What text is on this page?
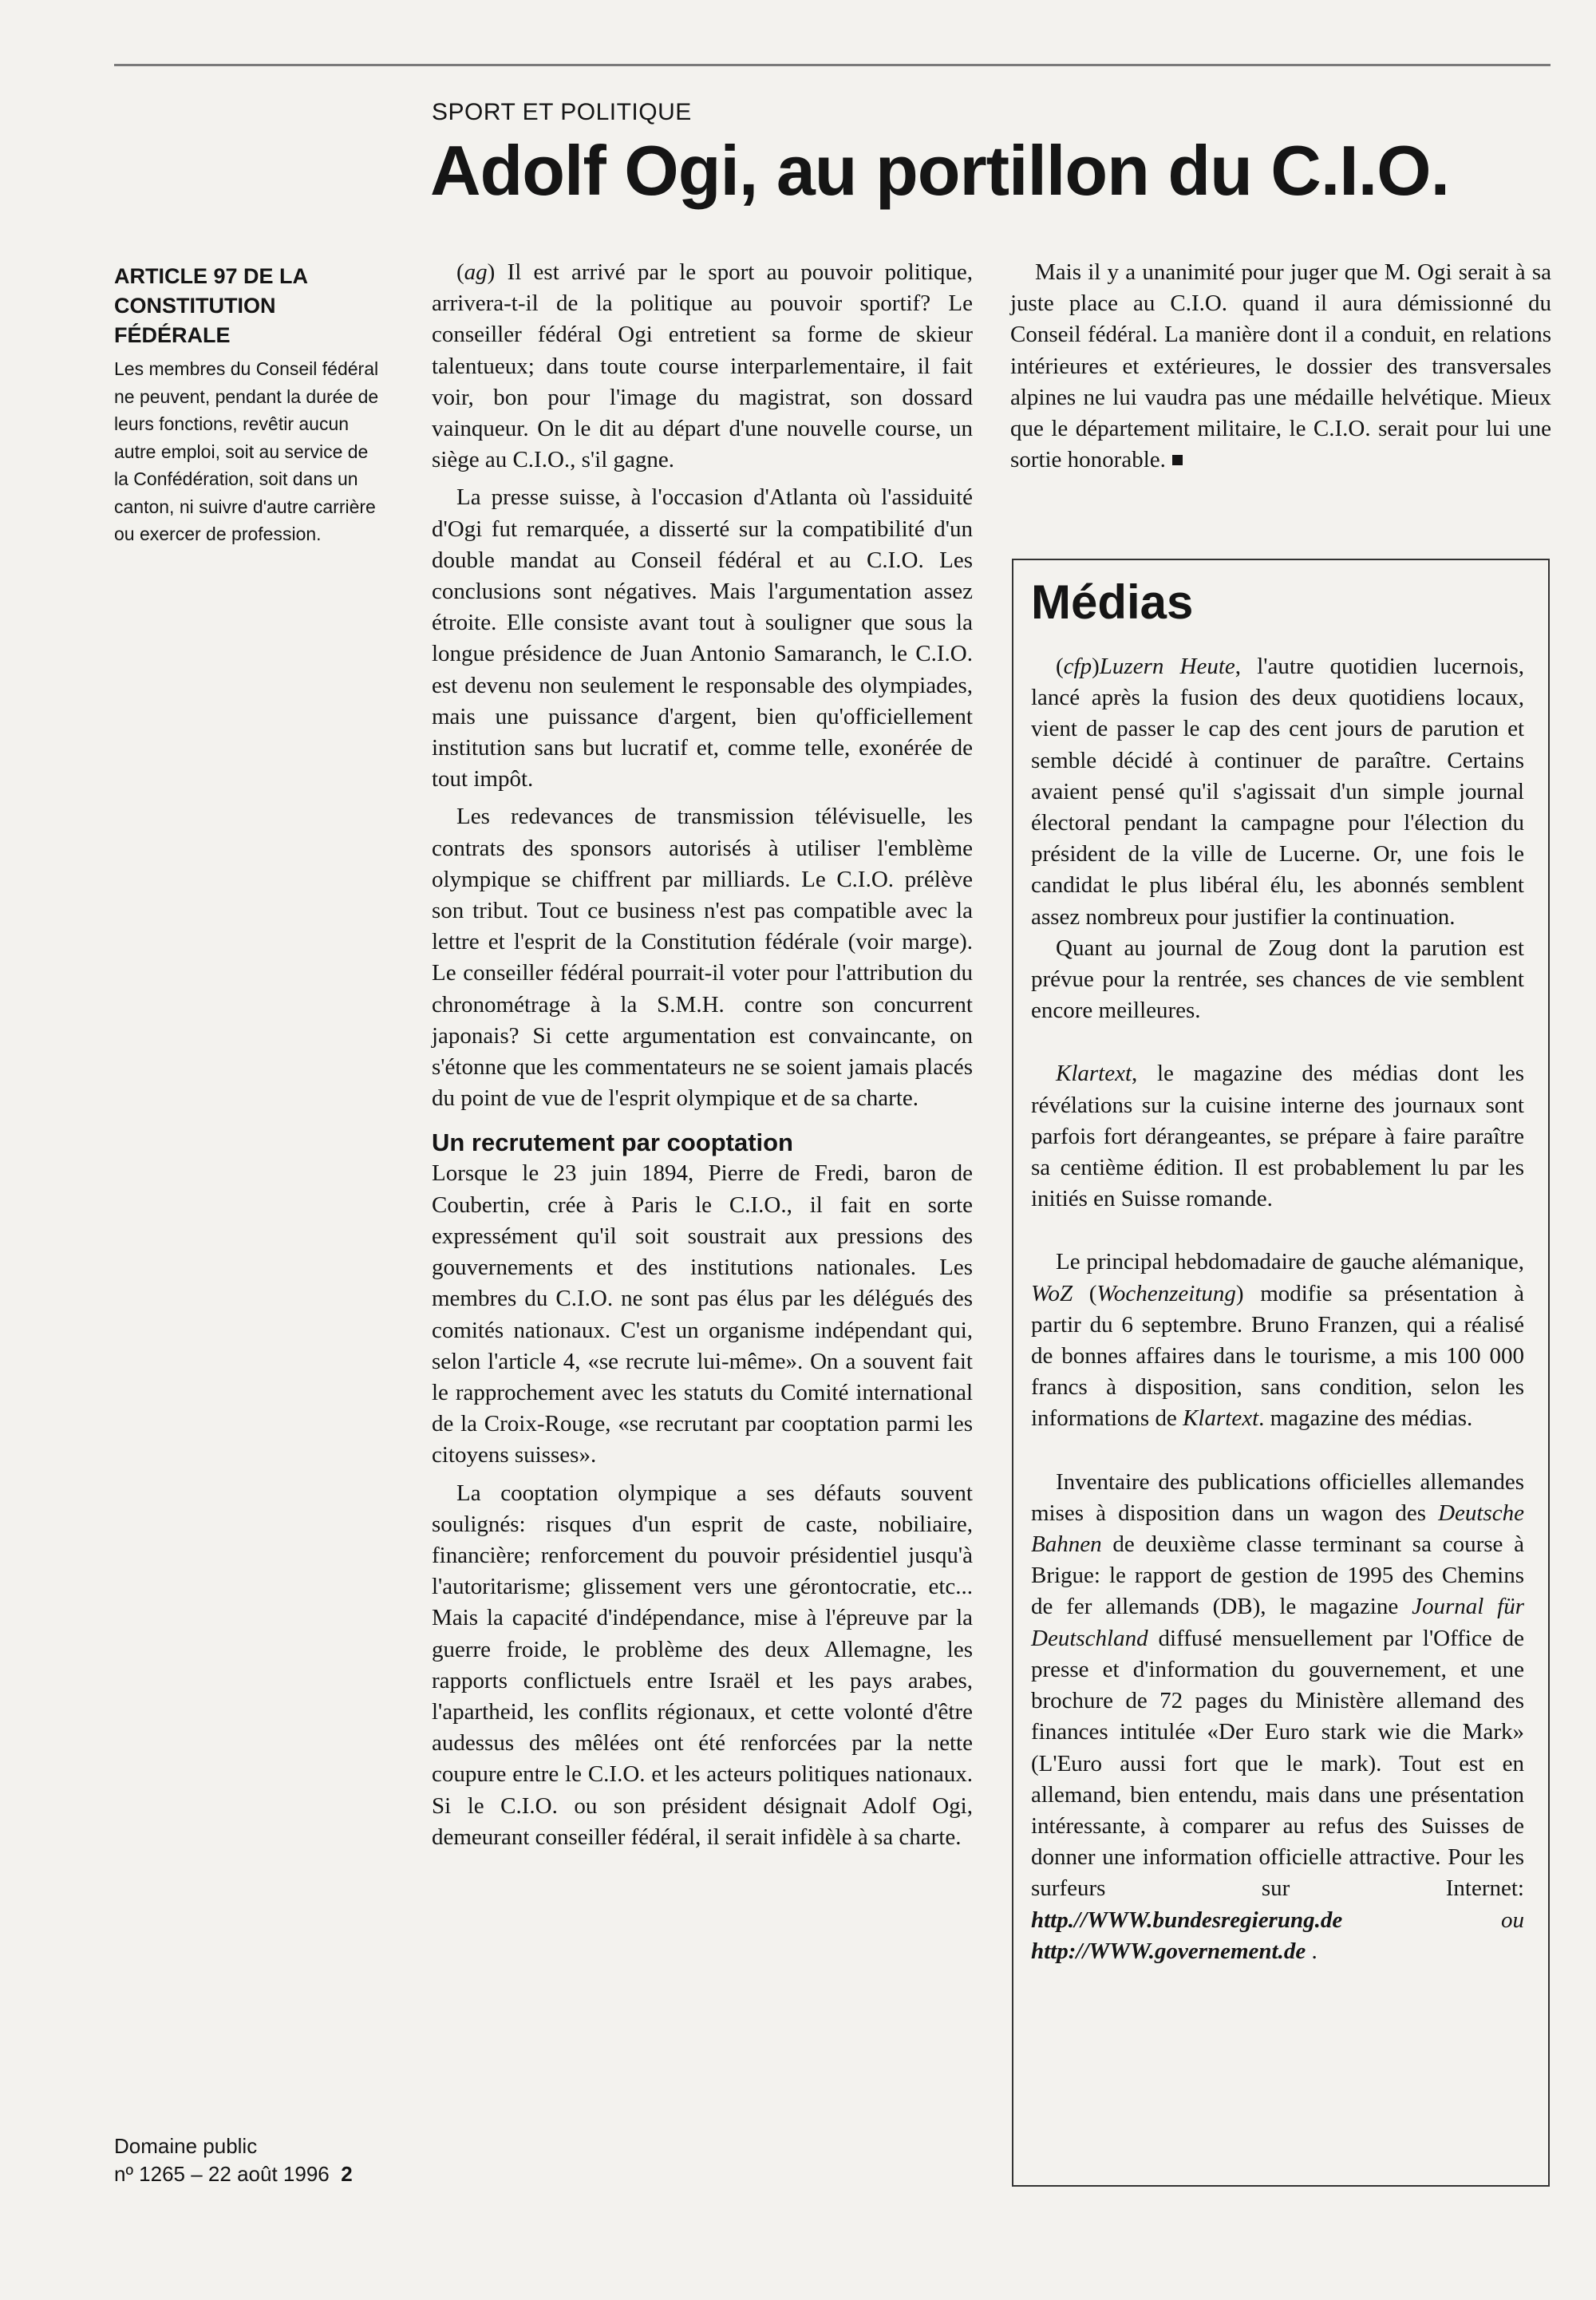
SPORT ET POLITIQUE
Adolf Ogi, au portillon du C.I.O.
ARTICLE 97 DE LA CONSTITUTION FÉDÉRALE
Les membres du Conseil fédéral ne peuvent, pendant la durée de leurs fonctions, revêtir aucun autre emploi, soit au service de la Confédération, soit dans un canton, ni suivre d'autre carrière ou exercer de profession.
Domaine public
nº 1265 – 22 août 1996 2

(ag) Il est arrivé par le sport au pouvoir politique, arrivera-t-il de la politique au pouvoir sportif? Le conseiller fédéral Ogi entretient sa forme de skieur talentueux; dans toute course interparlementaire, il fait voir, bon pour l'image du magistrat, son dossard vainqueur. On le dit au départ d'une nouvelle course, un siège au C.I.O., s'il gagne.

La presse suisse, à l'occasion d'Atlanta où l'assiduité d'Ogi fut remarquée, a disserté sur la compatibilité d'un double mandat au Conseil fédéral et au C.I.O. Les conclusions sont négatives. Mais l'argumentation assez étroite. Elle consiste avant tout à souligner que sous la longue présidence de Juan Antonio Samaranch, le C.I.O. est devenu non seulement le responsable des olympiades, mais une puissance d'argent, bien qu'officiellement institution sans but lucratif et, comme telle, exonérée de tout impôt.

Les redevances de transmission télévisuelle, les contrats des sponsors autorisés à utiliser l'emblème olympique se chiffrent par milliards. Le C.I.O. prélève son tribut. Tout ce business n'est pas compatible avec la lettre et l'esprit de la Constitution fédérale (voir marge). Le conseiller fédéral pourrait-il voter pour l'attribution du chronométrage à la S.M.H. contre son concurrent japonais? Si cette argumentation est convaincante, on s'étonne que les commentateurs ne se soient jamais placés du point de vue de l'esprit olympique et de sa charte.

Un recrutement par cooptation

Lorsque le 23 juin 1894, Pierre de Fredi, baron de Coubertin, crée à Paris le C.I.O., il fait en sorte expressément qu'il soit soustrait aux pressions des gouvernements et des institutions nationales. Les membres du C.I.O. ne sont pas élus par les délégués des comités nationaux. C'est un organisme indépendant qui, selon l'article 4, «se recrute lui-même». On a souvent fait le rapprochement avec les statuts du Comité international de la Croix-Rouge, «se recrutant par cooptation parmi les citoyens suisses».

La cooptation olympique a ses défauts souvent soulignés: risques d'un esprit de caste, nobiliaire, financière; renforcement du pouvoir présidentiel jusqu'à l'autoritarisme; glissement vers une gérontocratie, etc... Mais la capacité d'indépendance, mise à l'épreuve par la guerre froide, le problème des deux Allemagne, les rapports conflictuels entre Israël et les pays arabes, l'apartheid, les conflits régionaux, et cette volonté d'être audessus des mêlées ont été renforcées par la nette coupure entre le C.I.O. et les acteurs politiques nationaux. Si le C.I.O. ou son président désignait Adolf Ogi, demeurant conseiller fédéral, il serait infidèle à sa charte.

Mais il y a unanimité pour juger que M. Ogi serait à sa juste place au C.I.O. quand il aura démissionné du Conseil fédéral. La manière dont il a conduit, en relations intérieures et extérieures, le dossier des transversales alpines ne lui vaudra pas une médaille helvétique. Mieux que le département militaire, le C.I.O. serait pour lui une sortie honorable.

Médias

(cfp)Luzern Heute, l'autre quotidien lucernois, lancé après la fusion des deux quotidiens locaux, vient de passer le cap des cent jours de parution et semble décidé à continuer de paraître. Certains avaient pensé qu'il s'agissait d'un simple journal électoral pendant la campagne pour l'élection du président de la ville de Lucerne. Or, une fois le candidat le plus libéral élu, les abonnés semblent assez nombreux pour justifier la continuation.

Quant au journal de Zoug dont la parution est prévue pour la rentrée, ses chances de vie semblent encore meilleures.

Klartext, le magazine des médias dont les révélations sur la cuisine interne des journaux sont parfois fort dérangeantes, se prépare à faire paraître sa centième édition. Il est probablement lu par les initiés en Suisse romande.

Le principal hebdomadaire de gauche alémanique, WoZ (Wochenzeitung) modifie sa présentation à partir du 6 septembre. Bruno Franzen, qui a réalisé de bonnes affaires dans le tourisme, a mis 100 000 francs à disposition, sans condition, selon les informations de Klartext. magazine des médias.

Inventaire des publications officielles allemandes mises à disposition dans un wagon des Deutsche Bahnen de deuxième classe terminant sa course à Brigue: le rapport de gestion de 1995 des Chemins de fer allemands (DB), le magazine Journal für Deutschland diffusé mensuellement par l'Office de presse et d'information du gouvernement, et une brochure de 72 pages du Ministère allemand des finances intitulée «Der Euro stark wie die Mark» (L'Euro aussi fort que le mark). Tout est en allemand, bien entendu, mais dans une présentation intéressante, à comparer au refus des Suisses de donner une information officielle attractive. Pour les surfeurs sur Internet: http.//WWW.bundesregierung.de	ou http://WWW.governement.de .
